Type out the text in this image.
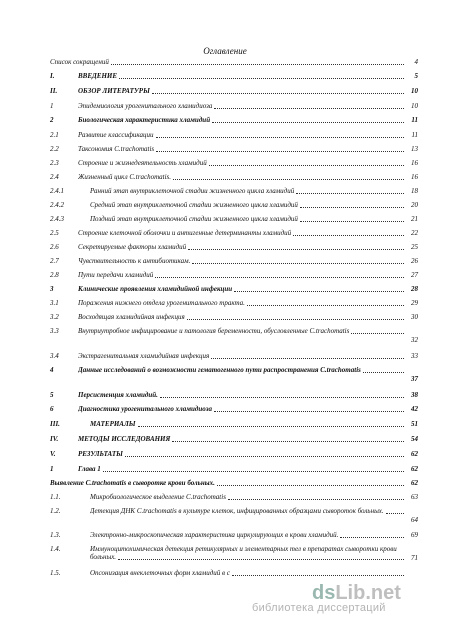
Оглавление
Список сокращений	4
I.	ВВЕДЕНИЕ	5
II.	ОБЗОР ЛИТЕРАТУРЫ	10
1	Эпидемиология урогенитального хламидиоза	10
2	Биологическая характеристика хламидий	11
2.1	Развитие классификации	11
2.2	Таксономия C.trachomatis	13
2.3	Строение и жизнедеятельность хламидий	16
2.4	Жизненный цикл C.trachomatis.	16
2.4.1	Ранний этап внутриклеточной стадии жизненного цикла хламидий	18
2.4.2	Средний этап внутриклеточной стадии жизненного цикла хламидий	20
2.4.3	Поздний этап внутриклеточной стадии жизненного цикла хламидий	21
2.5	Строение клеточной оболочки и антигенные детерминанты хламидий	22
2.6	Секретируемые факторы хламидий	25
2.7	Чувствительность к антибиотикам.	26
2.8	Пути передачи хламидий	27
3	Клинические проявления хламидийной инфекции	28
3.1	Поражения нижнего отдела урогенитального тракта.	29
3.2	Восходящая хламидийная инфекция	30
3.3	Внутриутробное инфицирование и патология беременности, обусловленные C.trachomatis
32
3.4	Экстрагенитальная хламидийная инфекция	33
4	Данные исследований о возможности гематогенного пути распространения C.trachomatis
37
5	Персистенция хламидий.	38
6	Диагностика урогенитального хламидиоза	42
III.	МАТЕРИАЛЫ	51
IV.	МЕТОДЫ ИССЛЕДОВАНИЯ	54
V.	РЕЗУЛЬТАТЫ	62
1	Глава 1	62
Выявление C.trachomatis в сыворотке крови больных.	62
1.1.	Микробиологическое выделение C.trachomatis	63
1.2.	Детекция ДНК C.trachomatis в культуре клеток, инфицированных образцами сывороток больных.
64
1.3.	Электронно-микроскопическая характеристика циркулирующих в крови хламидий.	69
1.4.	Иммуноцитохимическая детекция ретикулярных и элементарных тел в препаратах сыворотки крови больных.	71
1.5.	Опсонизация внеклеточных форм хламидий в с
dsLib.net
библиотека диссертаций
